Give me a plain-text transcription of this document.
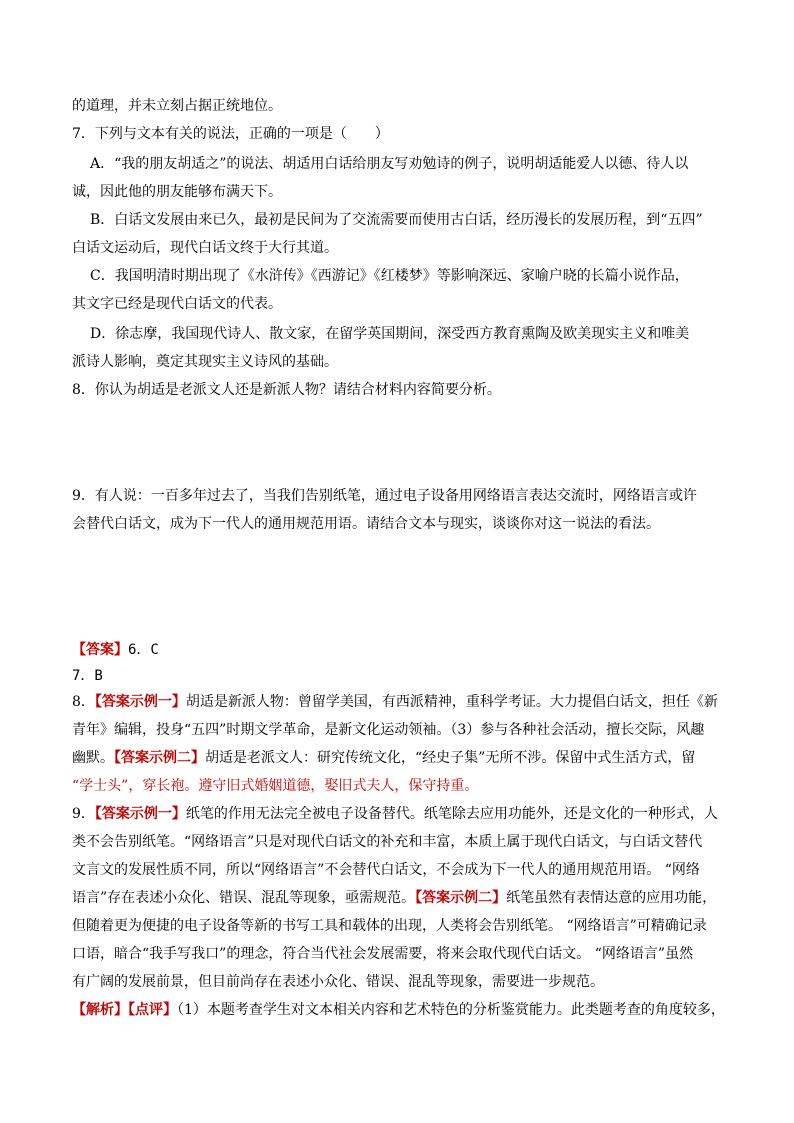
的道理，并未立刻占据正统地位。
7．下列与文本有关的说法，正确的一项是（　　）
A．“我的朋友胡适之”的说法、胡适用白话给朋友写劝勉诗的例子，说明胡适能爱人以德、待人以
诚，因此他的朋友能够布满天下。
B．白话文发展由来已久，最初是民间为了交流需要而使用古白话，经历漫长的发展历程，到“五四”
白话文运动后，现代白话文终于大行其道。
C．我国明清时期出现了《水浒传》《西游记》《红楼梦》等影响深远、家喻户晓的长篇小说作品，
其文字已经是现代白话文的代表。
D．徐志摩，我国现代诗人、散文家，在留学英国期间，深受西方教育熏陶及欧美现实主义和唯美
派诗人影响，奠定其现实主义诗风的基础。
8．你认为胡适是老派文人还是新派人物？请结合材料内容简要分析。
9．有人说：一百多年过去了，当我们告别纸笔，通过电子设备用网络语言表达交流时，网络语言或许
会替代白话文，成为下一代人的通用规范用语。请结合文本与现实，谈谈你对这一说法的看法。
【答案】6．C
7．B
8．【答案示例一】胡适是新派人物：曾留学美国，有西派精神，重科学考证。大力提倡白话文，担任《新
青年》编辑，投身“五四”时期文学革命，是新文化运动领袖。（3）参与各种社会活动，擅长交际，风趣
幽默。【答案示例二】胡适是老派文人：研究传统文化，“经史子集”无所不涉。保留中式生活方式，留
“学士头”，穿长袍。遵守旧式婚姻道德，娶旧式夫人，保守持重。
9．【答案示例一】纸笔的作用无法完全被电子设备替代。纸笔除去应用功能外，还是文化的一种形式，人
类不会告别纸笔。“网络语言”只是对现代白话文的补充和丰富，本质上属于现代白话文，与白话文替代
文言文的发展性质不同，所以“网络语言”不会替代白话文，不会成为下一代人的通用规范用语。 “网络
语言”存在表述小众化、错误、混乱等现象，亟需规范。【答案示例二】纸笔虽然有表情达意的应用功能，
但随着更为便捷的电子设备等新的书写工具和载体的出现，人类将会告别纸笔。 “网络语言”可精确记录
口语，暗合“我手写我口”的理念，符合当代社会发展需要，将来会取代现代白话文。 “网络语言”虽然
有广阔的发展前景，但目前尚存在表述小众化、错误、混乱等现象，需要进一步规范。
【解析】【点评】（1）本题考查学生对文本相关内容和艺术特色的分析鉴赏能力。此类题考查的角度较多，
